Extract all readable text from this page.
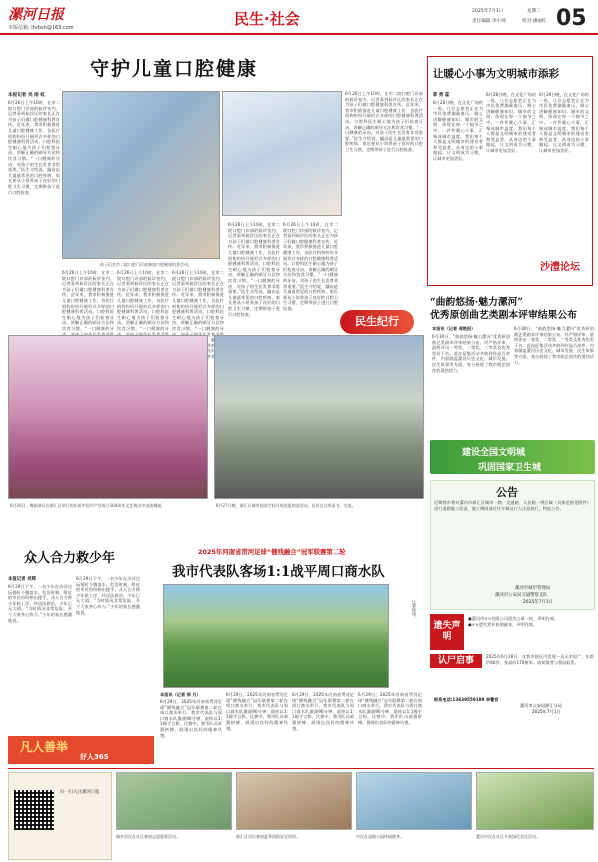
漯河日报
本版信箱: lhrbsh@163.com	民生·社会	2025年7月1日	星期二
责任编辑:李小帅	校对:潘丽红 05
守护儿童口腔健康
本报记者 吴 雨 虹
6月26日上午10时，在市二院口腔门诊部的候诊室内，记者看到候诊区的家长正在为孩子们做口腔健康科普宣传。近年来，我市积极推进儿童口腔健康工作，各医疗机构纷纷开展形式多样的口腔健康科普活动。口腔科医生耐心地为孩子们检查牙齿，讲解正确的刷牙方法和饮食习惯。“一口健康的牙齿，对孩子的生长发育非常重要。”医生介绍说，龋齿是儿童最常见的口腔疾病，家长要从小培养孩子良好的口腔卫生习惯，定期带孩子进行口腔检查。
孩子们在市二院口腔门诊部参加口腔健康科普活动。
6月26日上午10时，在市二院口腔门诊部的候诊室内，记者看到候诊区的家长正在为孩子们做口腔健康科普宣传。近年来，我市积极推进儿童口腔健康工作，各医疗机构纷纷开展形式多样的口腔健康科普活动。口腔科医生耐心地为孩子们检查牙齿，讲解正确的刷牙方法和饮食习惯。“一口健康的牙
6月26日上午10时，在市二院口腔门诊部的候诊室内，记者看到候诊区的家长正在为孩子们做口腔健康科普宣传。近年来，我市积极推进儿童口腔健康工作，各医疗机构纷纷开展形式多样的口腔健康科普活动。口腔科医生耐心地为孩子们检查牙齿，讲解正确的刷牙方法和饮食习惯。“一口健康的牙
6月26日上午10时，在市二院口腔门诊部的候诊室内，记者看到候诊区的家长正在为孩子们做口腔健康科普宣传。近年来，我市积极推进儿童口腔健康工作，各医疗机构纷纷开展形式多样的口腔健康科普活动。口腔科医生耐心地为孩子们检查牙齿，讲解正确的刷牙方法和饮食习惯。“一口健康的牙 长发育 说，龋 腔疾病 良 带
6月26日上午10时，在市二院口腔门诊部的候诊室内，记者看到候诊区的家长正在为孩子们做口腔健康科普宣传。近年来，我市积极推进儿童口腔健康工作，各医疗机构纷纷开展形式多样的口腔健康科普活动。口腔科医生耐心地为孩子们检查牙齿，讲解正确的刷牙方法和饮食习惯。“一口健康的牙齿，对孩子的生长发育非常重要。”医生介绍说，龋齿是儿童最常见的口腔疾病，家长要从小培养孩子良好的口腔卫生习惯，定期带孩子进行口腔检查。
6月26日上午10时，在市二院口腔门诊部的候诊室内，记者看到候诊区的家长正在为孩子们做口腔健康科普宣传。近年来，我市积极推进儿童口腔健康工作，各医疗机构纷纷开展形式多样的口腔健康科普活动。口腔科医生耐心地为孩子们检查牙齿，讲解正确的刷牙方法和饮食习惯。“一口健康的牙齿，对孩子的生长发育非常重要。”医生介绍说，龋齿是儿童最常见的口腔疾病，家长要从小培养孩子良好的口腔卫生习惯，定期带孩子进行口腔检查。
6月26日上午10时，在市二院口腔门诊部的候诊室内，记者看到候诊区的家长正在为孩子们做口腔健康科普宣传。近年来，我市积极推进儿童口腔健康工作，各医疗机构纷纷开展形式多样的口腔健康科普活动。口腔科医生耐心地为孩子们检查牙齿，讲解正确的刷牙方法和饮食习惯。“一口健康的牙齿，对孩子的生长发育非常重要。”医生介绍说，龋齿是儿童最常见的口腔疾病，家长要从小培养孩子良好的口腔卫生习惯，定期带孩子进行口腔检查。
让暖心小事为文明城市添彩
郭 勇 蕊
6月28日晚，在文化广场的一角，几位志愿者正在为市民免费测量血压，耐心讲解健康知识。城市的文明，体现在每一个细节之中。一件件暖心小事，汇聚成城市温度。我们每个人都是文明城市的建设者和受益者，从身边的小事做起，让文明成为习惯，让城市更加美好。
6月28日晚，在文化广场的一角，几位志愿者正在为市民免费测量血压，耐心讲解健康知识。城市的文明，体现在每一个细节之中。一件件暖心小事，汇聚成城市温度。我们每个人都是文明城市的建设者和受益者，从身边的小事做起，让文明成为习惯，让城市更加美好。
6月28日晚，在文化广场的一角，几位志愿者正在为市民免费测量血压，耐心讲解健康知识。城市的文明，体现在每一个细节之中。一件件暖心小事，汇聚成城市温度。我们每个人都是文明城市的建设者和受益者，从身边的小事做起，让文明成为习惯，让城市更加美好。
沙澧论坛
民生纪行
“曲韵悠扬·魅力漯河”
优秀原创曲艺类剧本评审结果公布
本报讯（记者 邢艳阳）
6月30日，“曲韵悠扬·魅力漯河”优秀原创曲艺类剧本评审结果公布。经严格评审，最终评出一等奖、二等奖、三等奖及优秀奖若干名。此次征集活动共收到作品百余件，内容涵盖漯河历史文化、城市发展、民生故事等方面，充分展现了我市曲艺创作的蓬勃活力。
6月30日，“曲韵悠扬·魅力漯河”优秀原创曲艺类剧本评审结果公布。经严格评审，最终评出一等奖、二等奖、三等奖及优秀奖若干名。此次征集活动共收到作品百余件，内容涵盖漯河历史文化、城市发展、民生故事等方面，充分展现了我市曲艺创作的蓬勃活力。
6月26日，舞蹈演员在源汇区举行的庆祝中国共产党成立104周年文艺演出中表演舞蹈。	6月27日晚，源汇区城市阅读空间开展消夏纳凉活动，居民在这里看书、交流。
建设全国文明城
巩固国家卫生城
公告
近期我市将对漯河市源汇区城市一路、交通路、人民路一带区域（具体范围见附件）进行道路施工改造，施工期间请过往车辆及行人注意绕行。特此公告。
漯河市城市管理局
漯河市公安局交通警察支队
2025年7月1日
遗失声明
●漯河市××有限公司遗失公章一枚，声明作废。
●××遗失营业执照副本，声明作废。
认尸启事	2025年6月28日，在我市辖区内发现一具无名男尸，年龄约60岁，身高约170厘米。请知情者与我局联系。
联系电话:13839559189 李警官
漯河市公安局源汇分局
2025年7月1日
众人合力救少年
本报记者 肖辉
6月29日下午，一名少年在沙河边玩耍时不慎落水。危急时刻，附近的市民纷纷伸出援手，众人合力将少年救上岸。经送医救治，少年已无大碍。“当时情况非常危险，多亏大家齐心协力。”少年的家长感激地说。
6月29日下午，一名少年在沙河边玩耍时不慎落水。危急时刻，附近的市民纷纷伸出援手，众人合力将少年救上岸。经送医救治，少年已无大碍。“当时情况非常危险，多亏大家齐心协力。”少年的家长感激地说。
2025年河南省贯河足球“健残融合”冠军联赛第二轮
我市代表队客场1:1战平周口商水队
比赛现场。
本报讯（记者 邢 月）
6月29日，2025年河南省贯河足球“健残融合”冠军联赛第二轮在周口商水举行。我市代表队与周口商水队激战90分钟，最终以1:1握手言和。比赛中，我市队员顽强拼搏，展现出良好的精神风貌。
6月29日，2025年河南省贯河足球“健残融合”冠军联赛第二轮在周口商水举行。我市代表队与周口商水队激战90分钟，最终以1:1握手言和。比赛中，我市队员顽强拼搏，展现出良好的精神风貌。
6月29日，2025年河南省贯河足球“健残融合”冠军联赛第二轮在周口商水举行。我市代表队与周口商水队激战90分钟，最终以1:1握手言和。比赛中，我市队员顽强拼搏，展现出良好的精神风貌。
6月29日，2025年河南省贯河足球“健残融合”冠军联赛第二轮在周口商水举行。我市代表队与周口商水队激战90分钟，最终以1:1握手言和。比赛中，我市队员顽强拼搏，展现出良好的精神风貌。
凡人善举
好人365
扫一扫关注漯河日报
城乡居民在社区参加志愿服务活动。	源汇区居民参加夏季消防安全培训。	市民在湿地公园休闲健身。	漯河市民在社区开展绿化美化活动。
